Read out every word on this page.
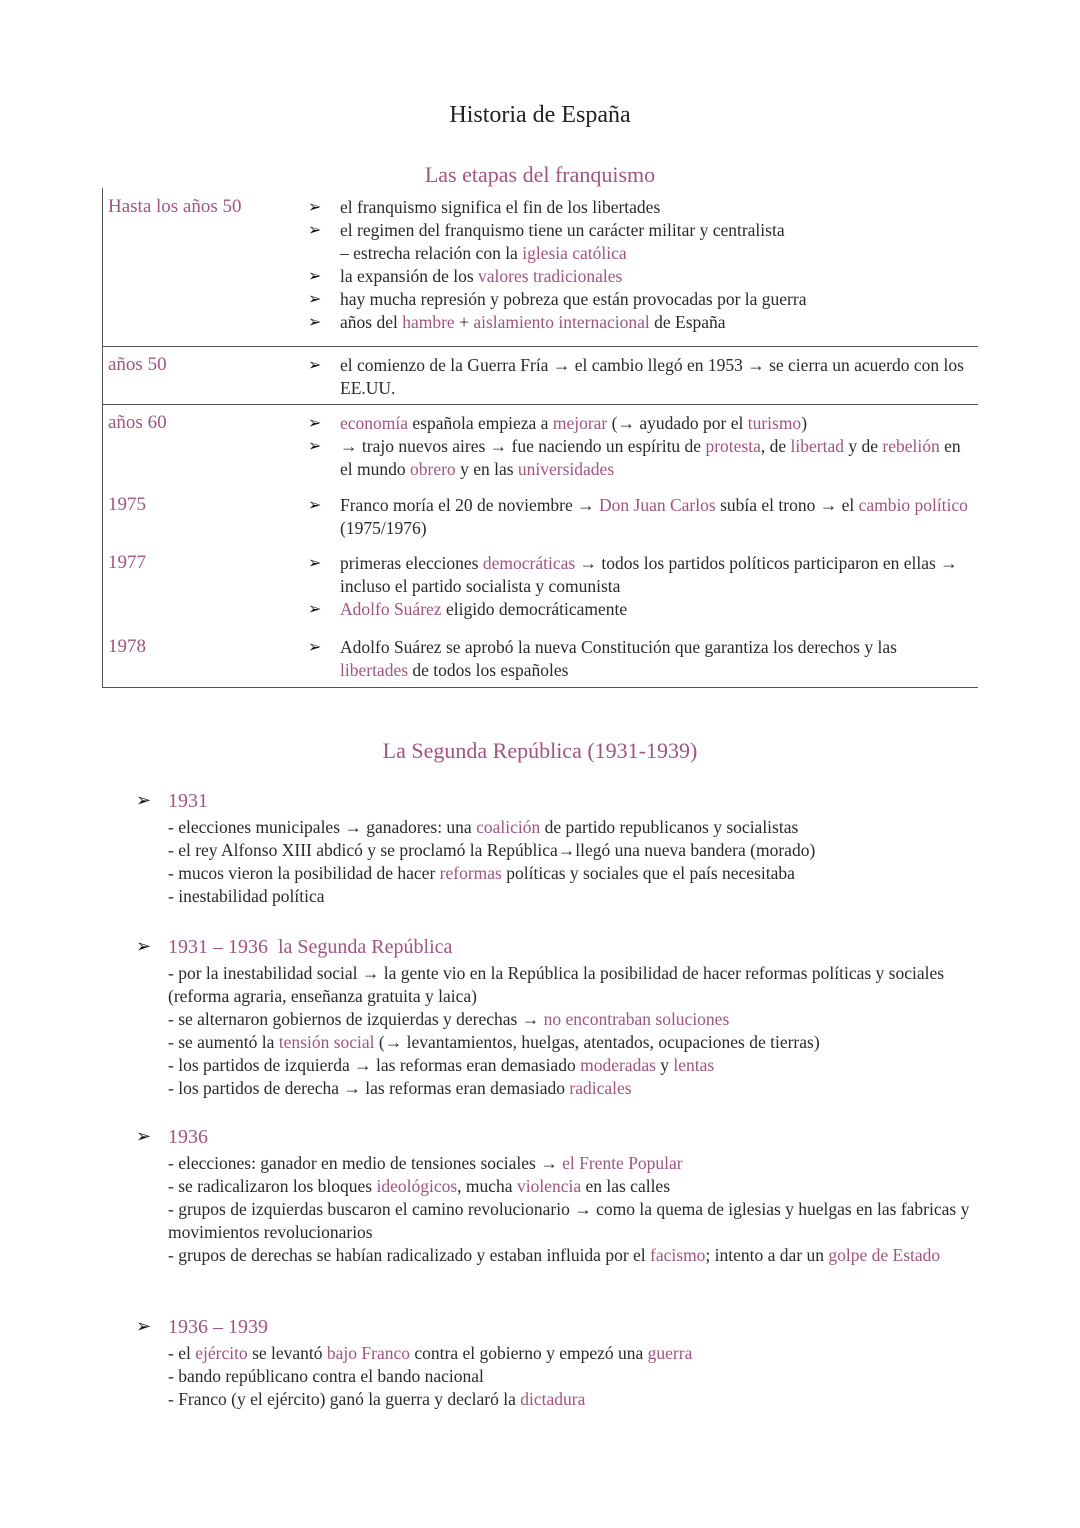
Historia de España
Las etapas del franquismo
Hasta los años 50	➢ el franquismo significa el fin de los libertades
➢ el regimen del franquismo tiene un carácter militar y centralista
– estrecha relación con la iglesia católica
➢ la expansión de los valores tradicionales
➢ hay mucha represión y pobreza que están provocadas por la guerra
➢ años del hambre + aislamiento internacional de España
años 50	➢ el comienzo de la Guerra Fría → el cambio llegó en 1953 → se cierra un acuerdo con los EE.UU.
años 60	➢ economía española empieza a mejorar (→ ayudado por el turismo)
➢ → trajo nuevos aires → fue naciendo un espíritu de protesta, de libertad y de rebelión en el mundo obrero y en las universidades
1975	➢ Franco moría el 20 de noviembre → Don Juan Carlos subía el trono → el cambio político (1975/1976)
1977	➢ primeras elecciones democráticas → todos los partidos políticos participaron en ellas → incluso el partido socialista y comunista
➢ Adolfo Suárez eligido democráticamente
1978	➢ Adolfo Suárez se aprobó la nueva Constitución que garantiza los derechos y las libertades de todos los españoles
La Segunda República (1931-1939)
➢ 1931
- elecciones municipales → ganadores: una coalición de partido republicanos y socialistas
- el rey Alfonso XIII abdicó y se proclamó la República→llegó una nueva bandera (morado)
- mucos vieron la posibilidad de hacer reformas políticas y sociales que el país necesitaba
- inestabilidad política
➢ 1931 – 1936  la Segunda República
- por la inestabilidad social → la gente vio en la República la posibilidad de hacer reformas políticas y sociales (reforma agraria, enseñanza gratuita y laica)
- se alternaron gobiernos de izquierdas y derechas → no encontraban soluciones
- se aumentó la tensión social (→ levantamientos, huelgas, atentados, ocupaciones de tierras)
- los partidos de izquierda → las reformas eran demasiado moderadas y lentas
- los partidos de derecha → las reformas eran demasiado radicales
➢ 1936
- elecciones: ganador en medio de tensiones sociales → el Frente Popular
- se radicalizaron los bloques ideológicos, mucha violencia en las calles
- grupos de izquierdas buscaron el camino revolucionario → como la quema de iglesias y huelgas en las fabricas y movimientos revolucionarios
- grupos de derechas se habían radicalizado y estaban influida por el facismo; intento a dar un golpe de Estado
➢ 1936 – 1939
- el ejército se levantó bajo Franco contra el gobierno y empezó una guerra
- bando repúblicano contra el bando nacional
- Franco (y el ejército) ganó la guerra y declaró la dictadura
